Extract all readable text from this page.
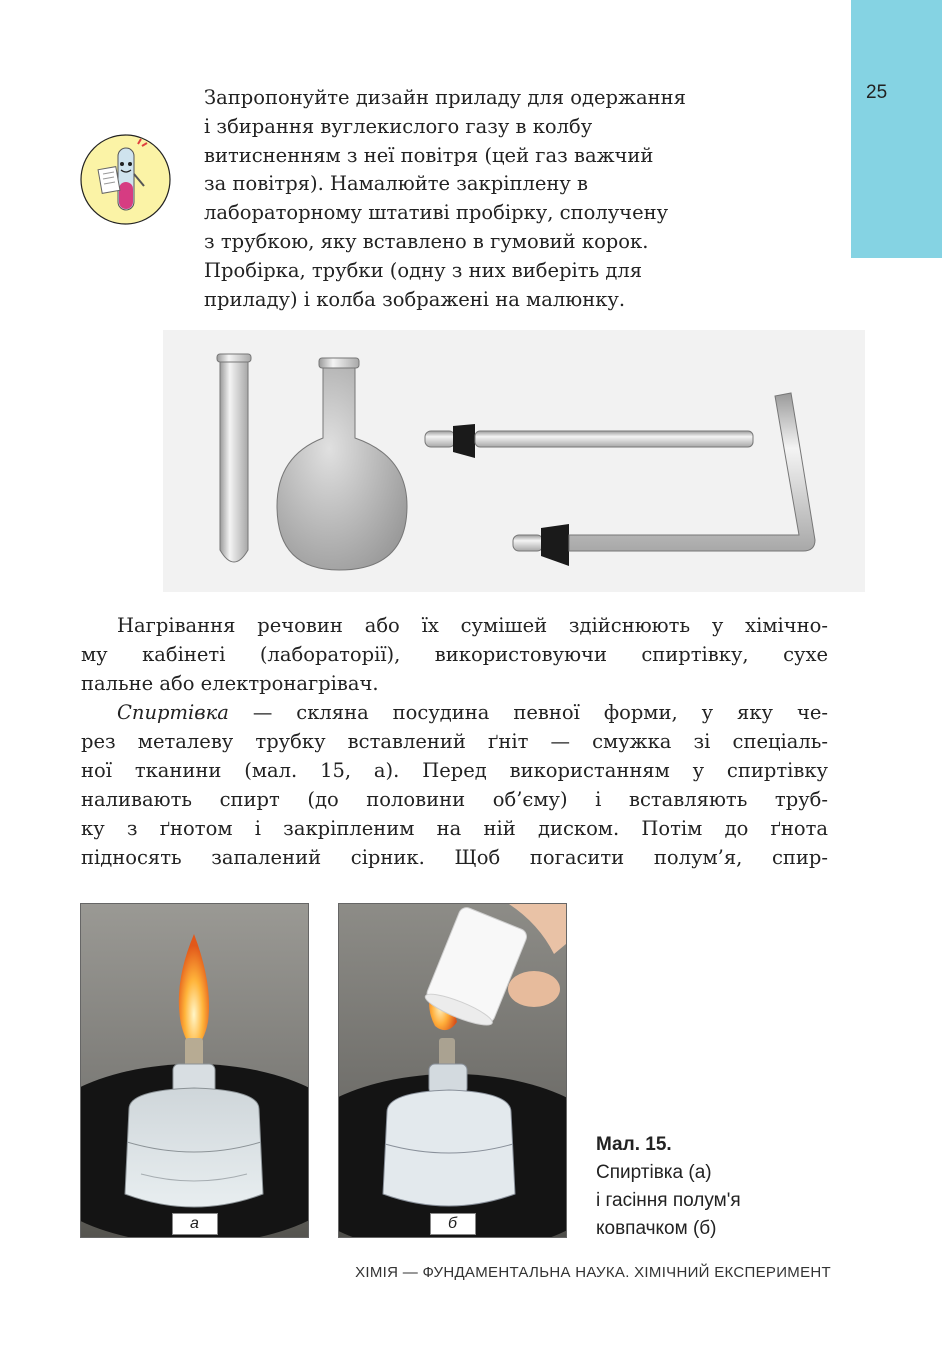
25

Запропонуйте дизайн приладу для одержання
і збирання вуглекислого газу в колбу
витисненням з неї повітря (цей газ важчий
за повітря). Намалюйте закріплену в
лабораторному штативі пробірку, сполучену
з трубкою, яку вставлено в гумовий корок.
Пробірка, трубки (одну з них виберіть для
приладу) і колба зображені на малюнку.

Нагрівання речовин або їх сумішей здійснюють у хімічно-

му кабінеті (лабораторії), використовуючи спиртівку, сухе

пальне або електронагрівач.

Спиртівка — скляна посудина певної форми, у яку че-

рез металеву трубку вставлений ґніт — смужка зі спеціаль-

ної тканини (мал. 15, а). Перед використанням у спиртівку

наливають спирт (до половини об’єму) і вставляють труб-

ку з ґнотом і закріпленим на ній диском. Потім до ґнота

підносять запалений сірник. Щоб погасити полум’я, спир-

а	б
Мал. 15.
Спиртівка (а)
і гасіння полум'я
ковпачком (б)
ХІМІЯ — ФУНДАМЕНТАЛЬНА НАУКА. ХІМІЧНИЙ ЕКСПЕРИМЕНТ
